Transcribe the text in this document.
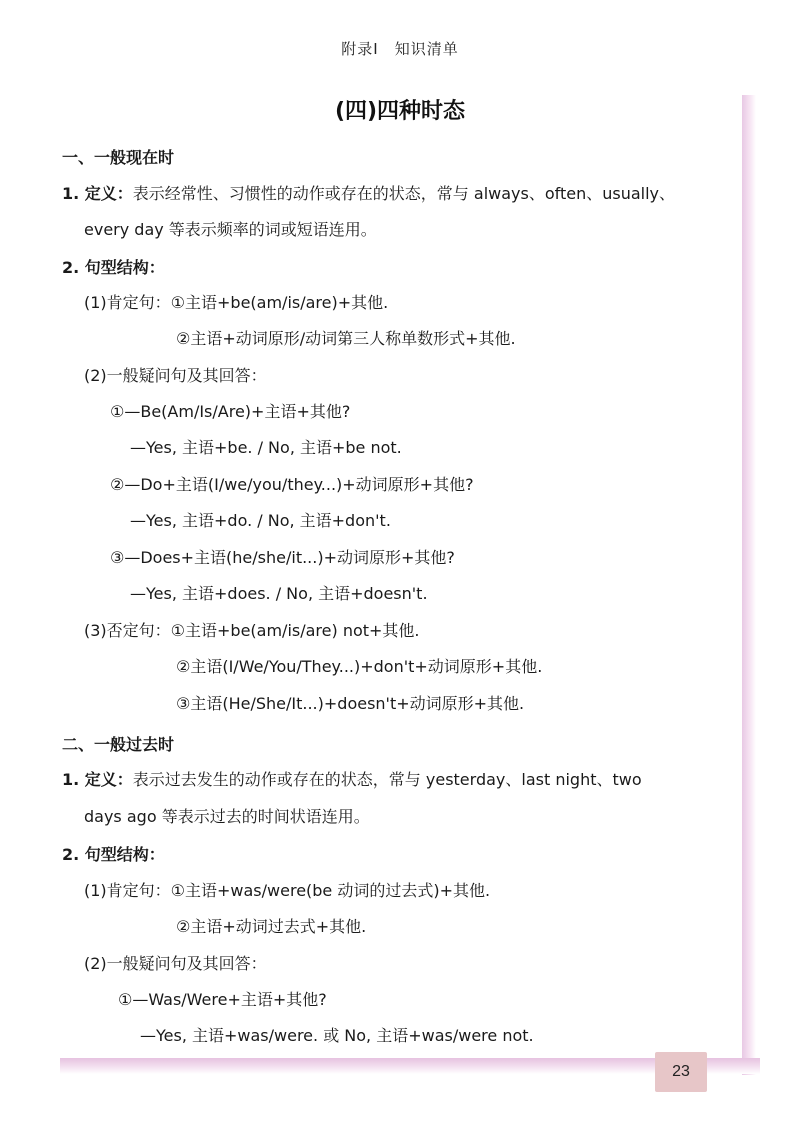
附录Ⅰ　知识清单
(四)四种时态
一、一般现在时
1. 定义：表示经常性、习惯性的动作或存在的状态，常与 always、often、usually、
every day 等表示频率的词或短语连用。
2. 句型结构：
(1)肯定句：①主语+be(am/is/are)+其他.
②主语+动词原形/动词第三人称单数形式+其他.
(2)一般疑问句及其回答：
①—Be(Am/Is/Are)+主语+其他?
—Yes, 主语+be. / No, 主语+be not.
②—Do+主语(I/we/you/they...)+动词原形+其他?
—Yes, 主语+do. / No, 主语+don't.
③—Does+主语(he/she/it...)+动词原形+其他?
—Yes, 主语+does. / No, 主语+doesn't.
(3)否定句：①主语+be(am/is/are) not+其他.
②主语(I/We/You/They...)+don't+动词原形+其他.
③主语(He/She/It...)+doesn't+动词原形+其他.
二、一般过去时
1. 定义：表示过去发生的动作或存在的状态，常与 yesterday、last night、two
days ago 等表示过去的时间状语连用。
2. 句型结构：
(1)肯定句：①主语+was/were(be 动词的过去式)+其他.
②主语+动词过去式+其他.
(2)一般疑问句及其回答：
①—Was/Were+主语+其他?
—Yes, 主语+was/were. 或 No, 主语+was/were not.
23
